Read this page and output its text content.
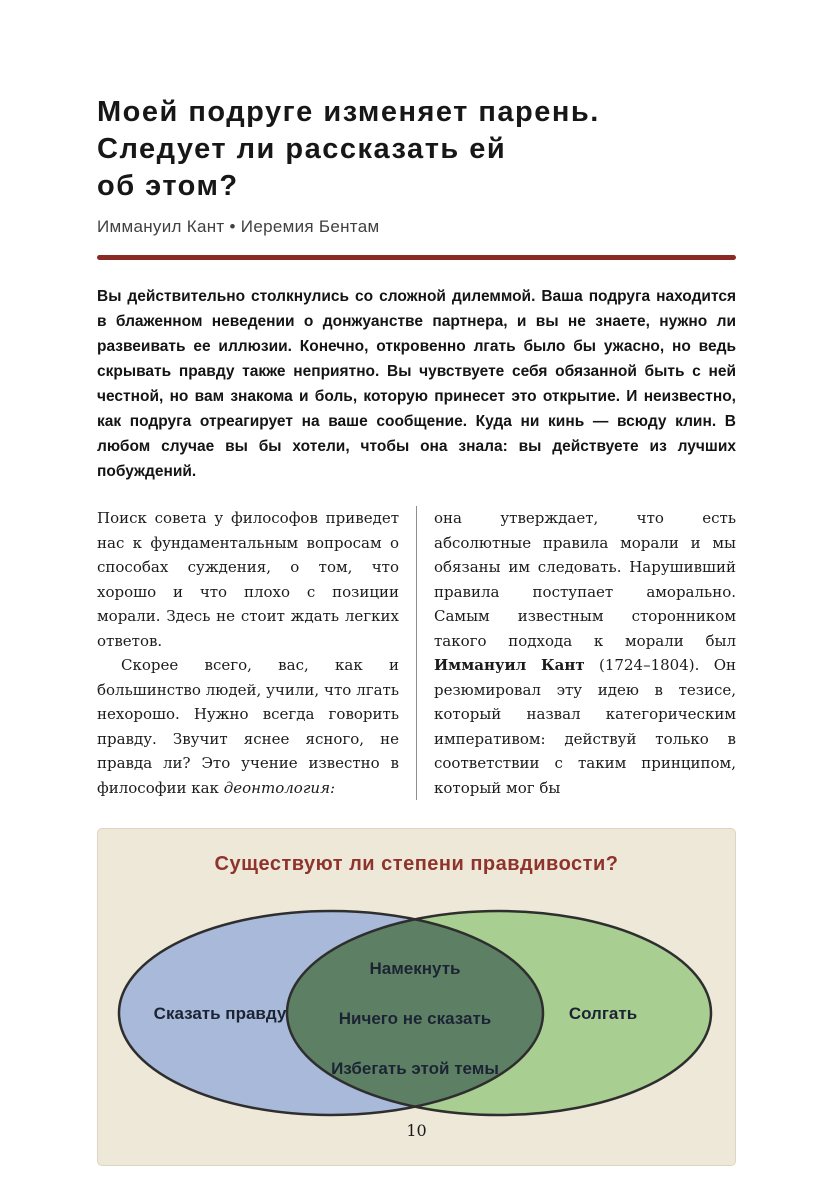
Моей подруге изменяет парень.
Следует ли рассказать ей
об этом?
Иммануил Кант • Иеремия Бентам

Вы действительно столкнулись со сложной дилеммой. Ваша подруга находится в блаженном неведении о донжуанстве партнера, и вы не знаете, нужно ли развеивать ее иллюзии. Конечно, откровенно лгать было бы ужасно, но ведь скрывать правду также неприятно. Вы чувствуете себя обязанной быть с ней честной, но вам знакома и боль, которую принесет это открытие. И неизвестно, как подруга отреагирует на ваше сообщение. Куда ни кинь — всюду клин. В любом случае вы бы хотели, чтобы она знала: вы действуете из лучших побуждений.

Поиск совета у философов приведет нас к фундаментальным вопросам о способах суждения, о том, что хорошо и что плохо с позиции морали. Здесь не стоит ждать легких ответов.

Скорее всего, вас, как и большинство людей, учили, что лгать нехорошо. Нужно всегда говорить правду. Звучит яснее ясного, не правда ли? Это учение известно в философии как деонтология:

она утверждает, что есть абсолютные правила морали и мы обязаны им следовать. Нарушивший правила поступает аморально. Самым известным сторонником такого подхода к морали был Иммануил Кант (1724–1804). Он резюмировал эту идею в тезисе, который назвал категорическим императивом: действуй только в соответствии с таким принципом, который мог бы

Существуют ли степени правдивости?
Сказать правду
Намекнуть
Ничего не сказать
Избегать этой темы
Солгать
10
